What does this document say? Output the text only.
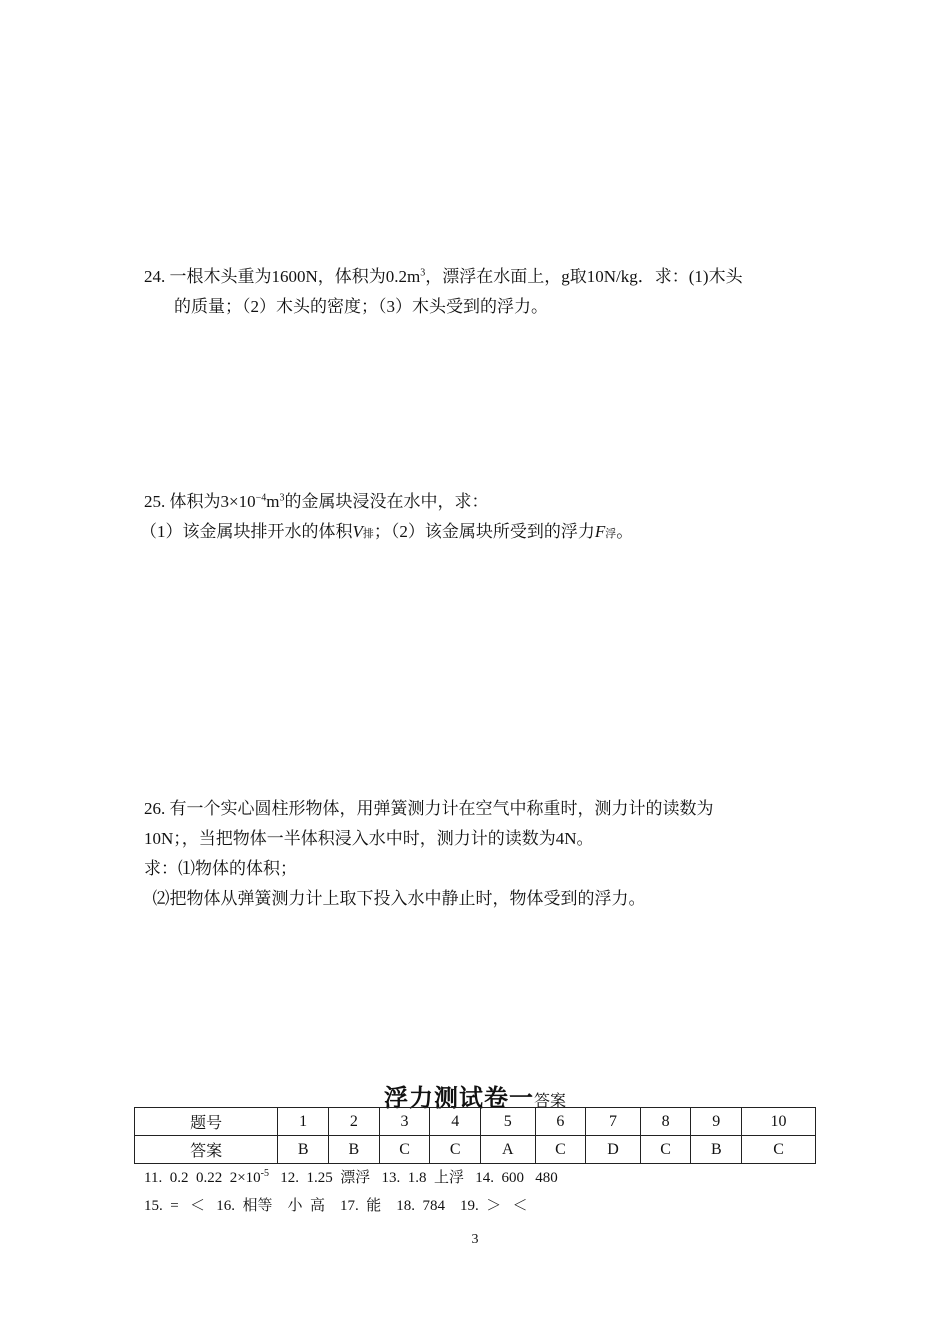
24. 一根木头重为1600N，体积为$0.2m^3$，漂浮在水面上，g取10N/kg．求：(1)木头
的质量；（2）木头的密度；（3）木头受到的浮力。
25. 体积为$3\times 10^{-4}m^3$的金属块浸没在水中，求：
（1）该金属块排开水的体积V排；（2）该金属块所受到的浮力F浮。
26. 有一个实心圆柱形物体，用弹簧测力计在空气中称重时，测力计的读数为
10N；，当把物体一半体积浸入水中时，测力计的读数为4N。
求：⑴物体的体积；
⑵把物体从弹簧测力计上取下投入水中静止时，物体受到的浮力。
浮力测试卷一答案
题号	1	2	3	4	5	6	7	8	9	10
答案	B	B	C	C	A	C	D	C	B	C
11.  0.2  0.22  $2\times 10^{-5}$   12.  1.25  漂浮   13.  1.8  上浮   14.  600   480
15.  =   ＜   16.  相等    小  高    17.  能    18.  784    19.  ＞   ＜
3
